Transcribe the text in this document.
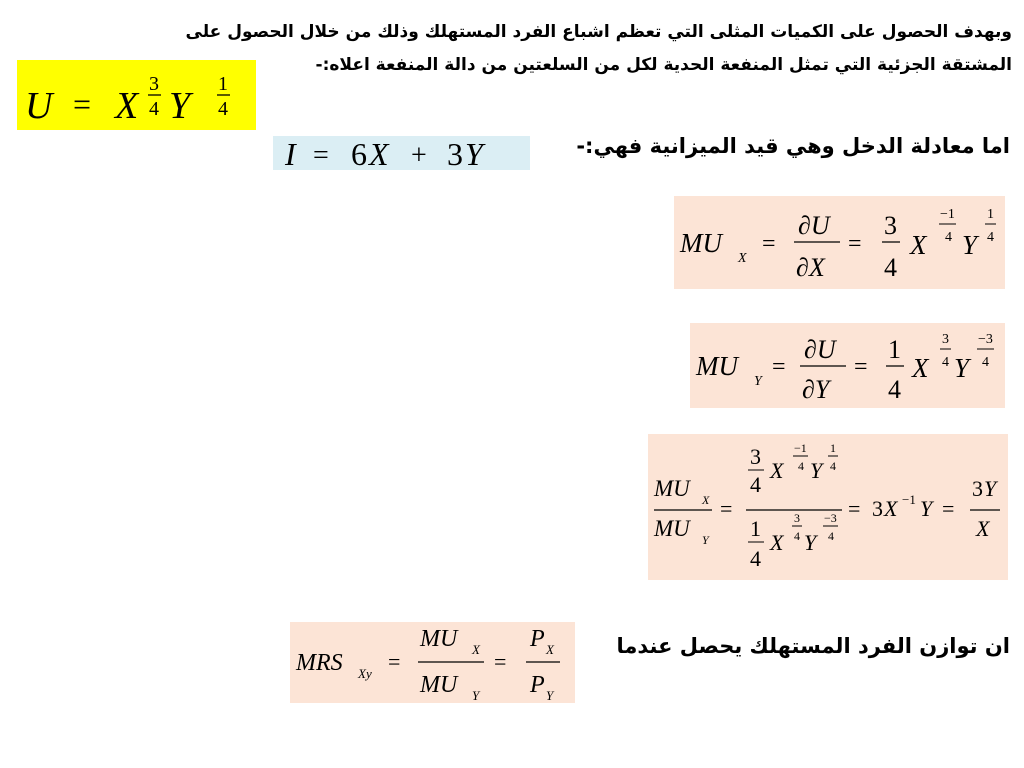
وبهدف الحصول على الكميات المثلى التي تعظم اشباع الفرد المستهلك وذلك من خلال الحصول على
المشتقة الجزئية التي تمثل المنفعة الحدية لكل من السلعتين من دالة المنفعة اعلاه:-
U = X
3
4 Y
1
4
اما معادلة الدخل وهي قيد الميزانية فهي:-
I = 6 X + 3 Y
MU
X
=
∂U
∂X
=
3
4
X
−1
4 Y
1
4
MU
Y
=
∂U
∂Y
=
1
4
X
3
4 Y
−3
4
MU X
MU Y
=
3
4
X
−1
4 Y
1
4
1
4
X
3
4 Y
−3
4
= 3 X −1 Y =
3 Y
X
ان توازن الفرد المستهلك يحصل عندما
MRS Xy =
MU X
MU Y
=
P X
P Y
